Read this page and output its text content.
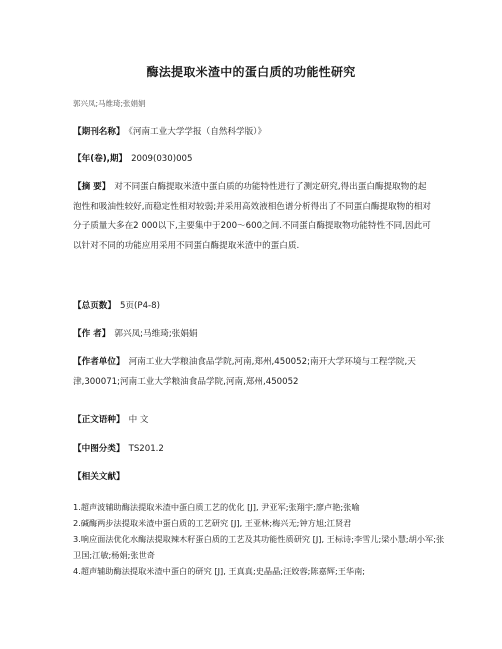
酶法提取米渣中的蛋白质的功能性研究
郭兴凤;马维琦;张娟娟
【期刊名称】 《河南工业大学学报（自然科学版）》
【年(卷),期】 2009(030)005
【摘 要】 对不同蛋白酶提取米渣中蛋白质的功能特性进行了测定研究,得出蛋白酶提取物的起泡性和吸油性较好,而稳定性相对较弱;并采用高效液相色谱分析得出了不同蛋白酶提取物的相对分子质量大多在2 000以下,主要集中于200～600之间.不同蛋白酶提取物功能特性不同,因此可以针对不同的功能应用采用不同蛋白酶提取米渣中的蛋白质.
【总页数】 5页(P4-8)
【作 者】 郭兴凤;马维琦;张娟娟
【作者单位】 河南工业大学粮油食品学院,河南,郑州,450052;南开大学环境与工程学院,天津,300071;河南工业大学粮油食品学院,河南,郑州,450052
【正文语种】 中 文
【中图分类】 TS201.2
【相关文献】
1.超声波辅助酶法提取米渣中蛋白质工艺的优化 [J], 尹亚军;张翔宇;廖卢艳;张喻
2.碱酶两步法提取米渣中蛋白质的工艺研究 [J], 王亚林;梅兴无;钟方旭;江贤君
3.响应面法优化水酶法提取辣木籽蛋白质的工艺及其功能性质研究 [J], 王标诗;李雪儿;梁小慧;胡小军;张卫国;江敏;杨娟;张世奇
4.超声辅助酶法提取米渣中蛋白的研究 [J], 王真真;史晶晶;汪姣蓉;陈嘉辉;王华南;
